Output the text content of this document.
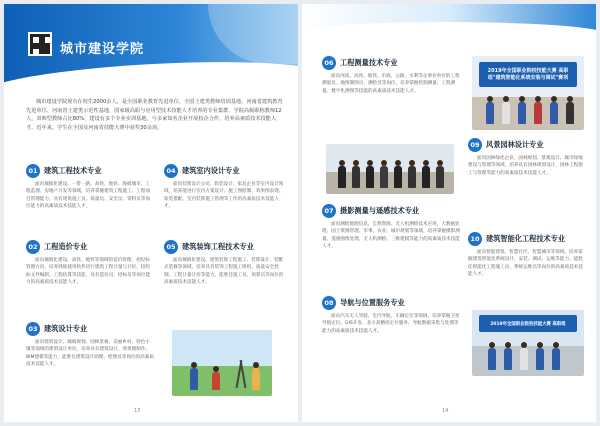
城市建设学院

城市建设学院现有在校生2000余人，是全国职业教育先进单位、全国土建类教师培训基地、河南省建筑教育先进单位、河南省土建类示范性基地、国家级高职与应用型技术技能人才培养的专业集群。学院高级职称教师12人，双师型教师占比80%，建设有多个专业实训基地，与多家知名企业开展校企合作，培养高素质技术技能人才。近年来，学生在全国及河南省技能大赛中获奖30余项。

01 建筑工程技术专业

面向城镇化建设、一带一路、高铁、地铁、海绵城市、工程监理、房地产开发等领域，培养掌握建筑工程施工、工程项目管理能力，具有建筑施工员、质量员、安全员、资料员等岗位能力的高素质技术技能人才。

02 工程造价专业

面向城镇化建设、高铁、地铁等领域的造价管理、招投标管理方向，培养熟练使用软件进行建筑工程计量与计价、招投标文件编制、工程结算等技能，具有造价员、招标员等岗位能力的高素质技术技能人才。

03 建筑设计专业

面向建筑设计、城镇规划、园林景观、美丽乡村、特色小镇等领域的建筑设计单位，培养具有建筑设计、效果图制作、BIM建模等能力，能胜任建筑设计助理、绘图员等岗位的高素质技术技能人才。

04 建筑室内设计专业

面向装饰设计公司、软装设计、家具企业等室内设计领域，培养能进行室内方案设计、施工图绘制、效果图表现、软装搭配、室内装饰施工管理等工作的高素质技术技能人才。

05 建筑装饰工程技术专业

面向城镇化建设、建筑装饰工程施工、装饰设计、装配式装修等领域，培养具有装饰工程施工组织、质量安全控制、工程计量计价等能力，能胜任施工员、预算员等岗位的高素质技术技能人才。

13
06 工程测量技术专业

面向河南、高铁、地铁、市政、公路、水利等企事业单位的工程测量员、地图制图员、测绘员等岗位，培养掌握控制测量、工程测量、数字化测图等技能的高素质技术技能人才。

07 摄影测量与遥感技术专业

面向测绘地理信息、自然资源、无人机测绘技术应用、大数据处理、国土资源管理、军事、农业、城市规划等领域，培养掌握摄影测量、遥感图像处理、无人机测绘、三维建模等能力的高素质技术技能人才。

08 导航与位置服务专业

面向汽车无人驾驶、室内导航、车辆定位等领域，培养掌握卫星导航定位、GIS开发、北斗高精度定位服务、导航数据采集与处理等能力的高素质技术技能人才。

2019年全国职业院校技能大赛 高职组"建筑智能化系统安装与调试"赛项
09 风景园林设计专业

面向园林绿化企业、园林规划、景观设计、城市绿地建设与管理等领域，培养具有园林规划设计、园林工程施工与管理等能力的高素质技术技能人才。

10 建筑智能化工程技术专业

面向智能建筑、智慧社区、智慧城市等领域，培养掌握建筑智能化系统设计、安装、调试、运维等能力，能胜任智能化工程施工员、系统运维员等岗位的高素质技术技能人才。

2019年全国职业院校技能大赛 高职组
14
